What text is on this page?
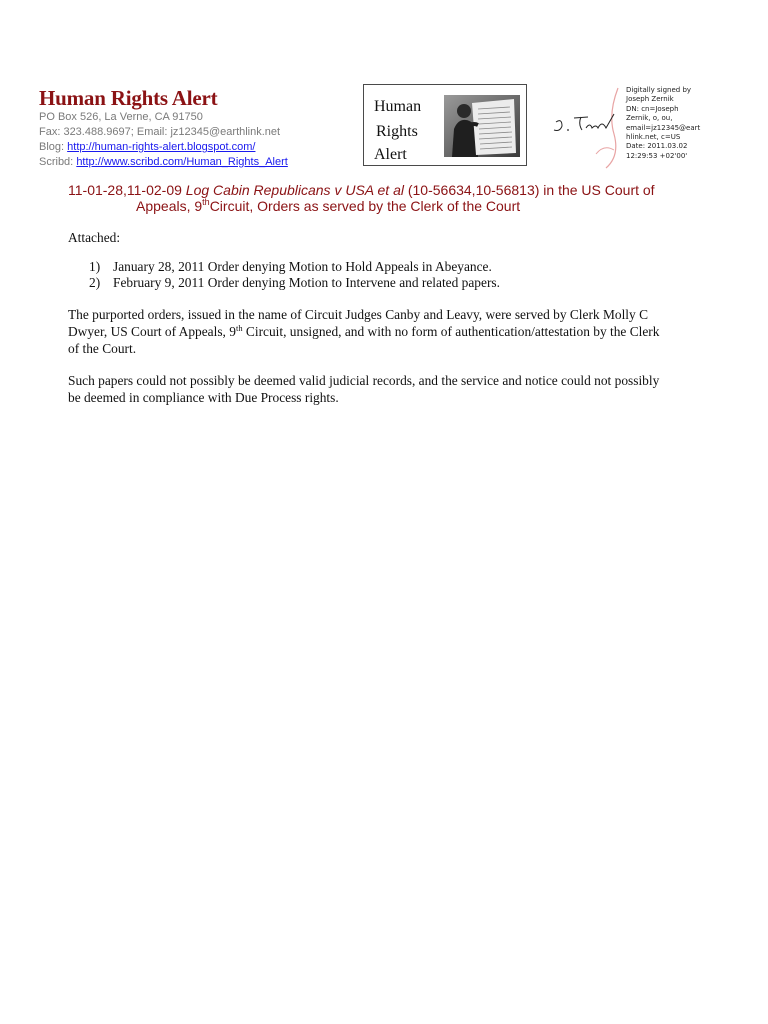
Human Rights Alert
PO Box 526, La Verne, CA 91750
Fax: 323.488.9697; Email: jz12345@earthlink.net
Blog: http://human-rights-alert.blogspot.com/
Scribd: http://www.scribd.com/Human_Rights_Alert
Human
Rights
Alert
Digitally signed by
Joseph Zernik
DN: cn=Joseph
Zernik, o, ou,
email=jz12345@eart
hlink.net, c=US
Date: 2011.03.02
12:29:53 +02'00'
11-01-28,11-02-09 Log Cabin Republicans v USA et al (10-56634,10-56813) in the US Court of
Appeals, 9thCircuit, Orders as served by the Clerk of the Court
Attached:
1) January 28, 2011 Order denying Motion to Hold Appeals in Abeyance.
2) February 9, 2011 Order denying Motion to Intervene and related papers.
The purported orders, issued in the name of Circuit Judges Canby and Leavy, were served by Clerk Molly C
Dwyer, US Court of Appeals, 9th Circuit, unsigned, and with no form of authentication/attestation by the Clerk
of the Court.
Such papers could not possibly be deemed valid judicial records, and the service and notice could not possibly
be deemed in compliance with Due Process rights.
